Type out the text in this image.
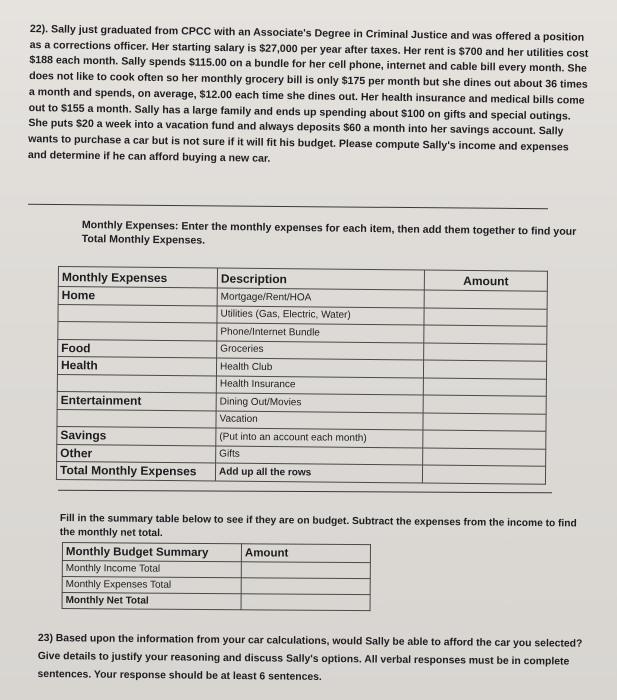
22). Sally just graduated from CPCC with an Associate's Degree in Criminal Justice and was offered a position as a corrections officer. Her starting salary is $27,000 per year after taxes. Her rent is $700 and her utilities cost $188 each month. Sally spends $115.00 on a bundle for her cell phone, internet and cable bill every month. She does not like to cook often so her monthly grocery bill is only $175 per month but she dines out about 36 times a month and spends, on average, $12.00 each time she dines out. Her health insurance and medical bills come out to $155 a month. Sally has a large family and ends up spending about $100 on gifts and special outings. She puts $20 a week into a vacation fund and always deposits $60 a month into her savings account. Sally wants to purchase a car but is not sure if it will fit his budget. Please compute Sally's income and expenses and determine if he can afford buying a new car.
Monthly Expenses: Enter the monthly expenses for each item, then add them together to find your Total Monthly Expenses.
Monthly Expenses	Description	Amount
Home	Mortgage/Rent/HOA	
	Utilities (Gas, Electric, Water)	
	Phone/Internet Bundle	
Food	Groceries	
Health	Health Club	
	Health Insurance	
Entertainment	Dining Out/Movies	
	Vacation	
Savings	(Put into an account each month)	
Other	Gifts	
Total Monthly Expenses	Add up all the rows	
Fill in the summary table below to see if they are on budget. Subtract the expenses from the income to find the monthly net total.
Monthly Budget Summary	Amount
Monthly Income Total	
Monthly Expenses Total	
Monthly Net Total	
23) Based upon the information from your car calculations, would Sally be able to afford the car you selected? Give details to justify your reasoning and discuss Sally's options. All verbal responses must be in complete sentences. Your response should be at least 6 sentences.
